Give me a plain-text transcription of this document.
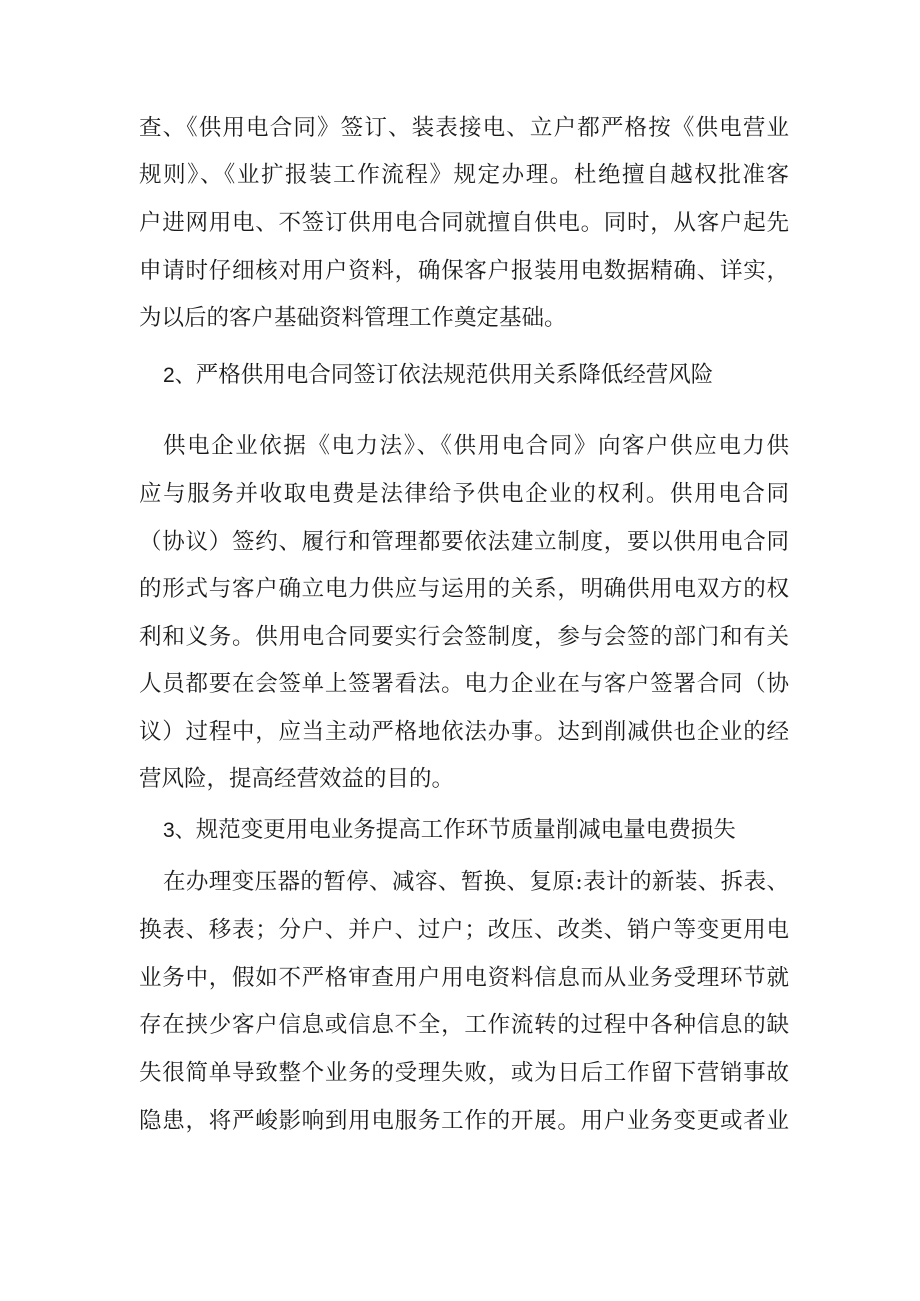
查、《供用电合同》签订、装表接电、立户都严格按《供电营业
规则》、《业扩报装工作流程》规定办理。杜绝擅自越权批准客
户进网用电、不签订供用电合同就擅自供电。同时，从客户起先
申请时仔细核对用户资料，确保客户报装用电数据精确、详实，
为以后的客户基础资料管理工作奠定基础。
2、严格供用电合同签订依法规范供用关系降低经营风险
供电企业依据《电力法》、《供用电合同》向客户供应电力供
应与服务并收取电费是法律给予供电企业的权利。供用电合同
（协议）签约、履行和管理都要依法建立制度，要以供用电合同
的形式与客户确立电力供应与运用的关系，明确供用电双方的权
利和义务。供用电合同要实行会签制度，参与会签的部门和有关
人员都要在会签单上签署看法。电力企业在与客户签署合同（协
议）过程中，应当主动严格地依法办事。达到削减供也企业的经
营风险，提高经营效益的目的。
3、规范变更用电业务提高工作环节质量削减电量电费损失
在办理变压器的暂停、减容、暂换、复原:表计的新装、拆表、
换表、移表；分户、并户、过户；改压、改类、销户等变更用电
业务中，假如不严格审查用户用电资料信息而从业务受理环节就
存在挟少客户信息或信息不全，工作流转的过程中各种信息的缺
失很简单导致整个业务的受理失败，或为日后工作留下营销事故
隐患，将严峻影响到用电服务工作的开展。用户业务变更或者业
